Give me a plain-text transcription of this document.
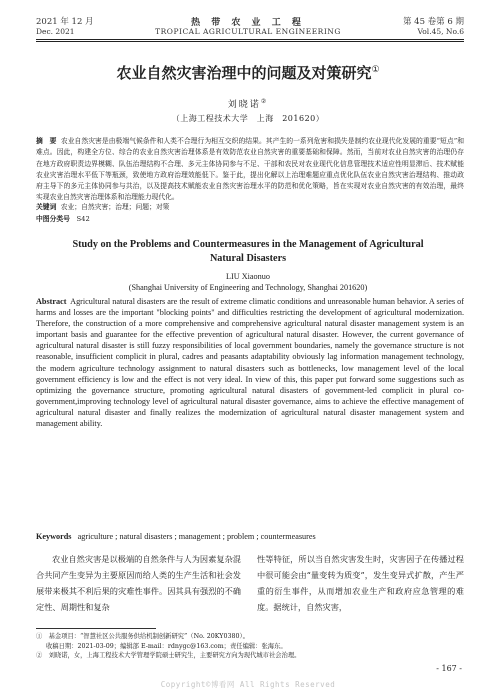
2021 年 12 月
Dec. 2021
热 带 农 业 工 程
TROPICAL AGRICULTURAL ENGINEERING
第 45 卷第 6 期
Vol.45, No.6
农业自然灾害治理中的问题及对策研究①
刘晓诺②
（上海工程技术大学　上海　201620）
摘　要 农业自然灾害是由极端气候条件和人类不合理行为相互交织的结果。其产生的一系列危害和损失是制约农业现代化发展的重要“短点”和难点。因此，构建全方位、综合的农业自然灾害治理体系是有效防范农业自然灾害的重要基础和保障。然而，当前对农业自然灾害的治理仍存在地方政府职责边界模糊、队伍治理结构不合理、多元主体协同参与不足、干部和农民对农业现代化信息管理技术适应性明显滞后、技术赋能农业灾害治理水平低下等瓶颈，致使地方政府治理效能低下。鉴于此，提出化解以上治理难题应重点优化队伍农业自然灾害治理结构、推动政府主导下的多元主体协同参与共治，以及提高技术赋能农业自然灾害治理水平的防范和优化策略，旨在实现对农业自然灾害的有效治理，最终实现农业自然灾害治理体系和治理能力现代化。
关键词 农业；自然灾害；治理；问题；对策
中图分类号 S42
Study on the Problems and Countermeasures in the Management of Agricultural
Natural Disasters
LIU Xiaonuo
(Shanghai University of Engineering and Technology, Shanghai 201620)
Abstract Agricultural natural disasters are the result of extreme climatic conditions and unreasonable human behavior. A series of harms and losses are the important "blocking points" and difficulties restricting the development of agricultural modernization. Therefore, the construction of a more comprehensive and comprehensive agricultural natural disaster management system is an important basis and guarantee for the effective prevention of agricultural natural disaster. However, the current governance of agricultural natural disaster is still fuzzy responsibilities of local government boundaries, namely the governance structure is not reasonable, insufficient complicit in plural, cadres and peasants adaptability obviously lag information management technology, the modern agriculture technology assignment to natural disasters such as bottlenecks, low management level of the local government efficiency is low and the effect is not very ideal. In view of this, this paper put forward some suggestions such as optimizing the governance structure, promoting agricultural natural disasters of government-led complicit in plural co-government,improving technology level of agricultural natural disaster governance, aims to achieve the effective management of agricultural natural disaster and finally realizes the modernization of agricultural natural disaster management system and management ability.
Keywords agriculture ; natural disasters ; management ; problem ; countermeasures
农业自然灾害是以极端的自然条件与人为因素复杂混合共同产生变异为主要原因而给人类的生产生活和社会发展带来极其不利后果的灾难性事件。因其具有强烈的不确定性、周期性和复杂
性等特征，所以当自然灾害发生时，灾害因子在传播过程中很可能会由“量变转为质变”，发生变异式扩散，产生严重的衍生事件，从而增加农业生产和政府应急管理的难度。据统计，自然灾害，
①　基金项目：“智慧社区公共服务供给机制创新研究”（No. 20KY0380）。
收稿日期：2021-03-09；编辑部 E-mail：rdnygc@163.com；责任编辑：张海东。
②　刘晓诺，女，上海工程技术大学管理学院硕士研究生，主要研究方向为现代城市社会治理。
- 167 -
Copyright©博看网 All Rights Reserved
